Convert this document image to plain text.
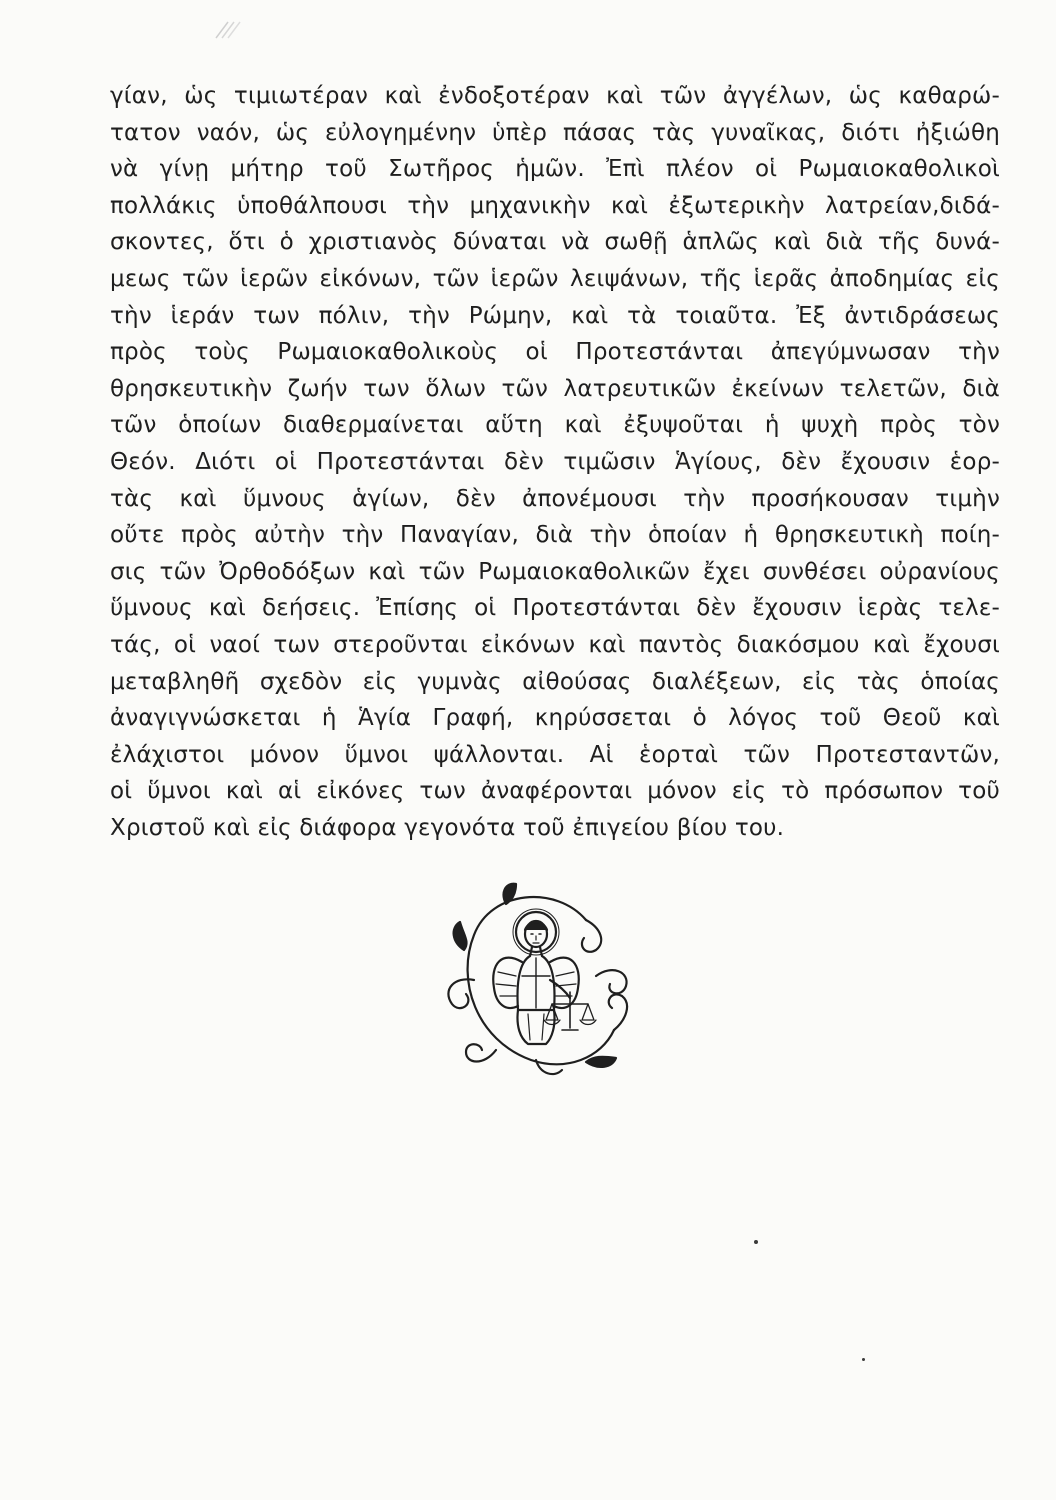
γίαν, ὡς τιμιωτέραν καὶ ἐνδοξοτέραν καὶ τῶν ἀγγέλων, ὡς καθαρώ-
τατον ναόν, ὡς εὐλογημένην ὑπὲρ πάσας τὰς γυναῖκας, διότι ἠξιώθη
νὰ γίνῃ μήτηρ τοῦ Σωτῆρος ἡμῶν. Ἐπὶ πλέον οἱ Ρωμαιοκαθολικοὶ
πολλάκις ὑποθάλπουσι τὴν μηχανικὴν καὶ ἐξωτερικὴν λατρείαν,διδά-
σκοντες, ὅτι ὁ χριστιανὸς δύναται νὰ σωθῇ ἁπλῶς καὶ διὰ τῆς δυνά-
μεως τῶν ἱερῶν εἰκόνων, τῶν ἱερῶν λειψάνων, τῆς ἱερᾶς ἀποδημίας εἰς
τὴν ἱεράν των πόλιν, τὴν Ρώμην, καὶ τὰ τοιαῦτα. Ἐξ ἀντιδράσεως
πρὸς τοὺς Ρωμαιοκαθολικοὺς οἱ Προτεστάνται ἀπεγύμνωσαν τὴν
θρησκευτικὴν ζωήν των ὅλων τῶν λατρευτικῶν ἐκείνων τελετῶν, διὰ
τῶν ὁποίων διαθερμαίνεται αὕτη καὶ ἐξυψοῦται ἡ ψυχὴ πρὸς τὸν
Θεόν. Διότι οἱ Προτεστάνται δὲν τιμῶσιν Ἁγίους, δὲν ἔχουσιν ἑορ-
τὰς καὶ ὕμνους ἁγίων, δὲν ἀπονέμουσι τὴν προσήκουσαν τιμὴν
οὔτε πρὸς αὐτὴν τὴν Παναγίαν, διὰ τὴν ὁποίαν ἡ θρησκευτικὴ ποίη-
σις τῶν Ὀρθοδόξων καὶ τῶν Ρωμαιοκαθολικῶν ἔχει συνθέσει οὐρανίους
ὕμνους καὶ δεήσεις. Ἐπίσης οἱ Προτεστάνται δὲν ἔχουσιν ἱερὰς τελε-
τάς, οἱ ναοί των στεροῦνται εἰκόνων καὶ παντὸς διακόσμου καὶ ἔχουσι
μεταβληθῆ σχεδὸν εἰς γυμνὰς αἰθούσας διαλέξεων, εἰς τὰς ὁποίας
ἀναγιγνώσκεται ἡ Ἁγία Γραφή, κηρύσσεται ὁ λόγος τοῦ Θεοῦ καὶ
ἐλάχιστοι μόνον ὕμνοι ψάλλονται. Αἱ ἑορταὶ τῶν Προτεσταντῶν,
οἱ ὕμνοι καὶ αἱ εἰκόνες των ἀναφέρονται μόνον εἰς τὸ πρόσωπον τοῦ
Χριστοῦ καὶ εἰς διάφορα γεγονότα τοῦ ἐπιγείου βίου του.
